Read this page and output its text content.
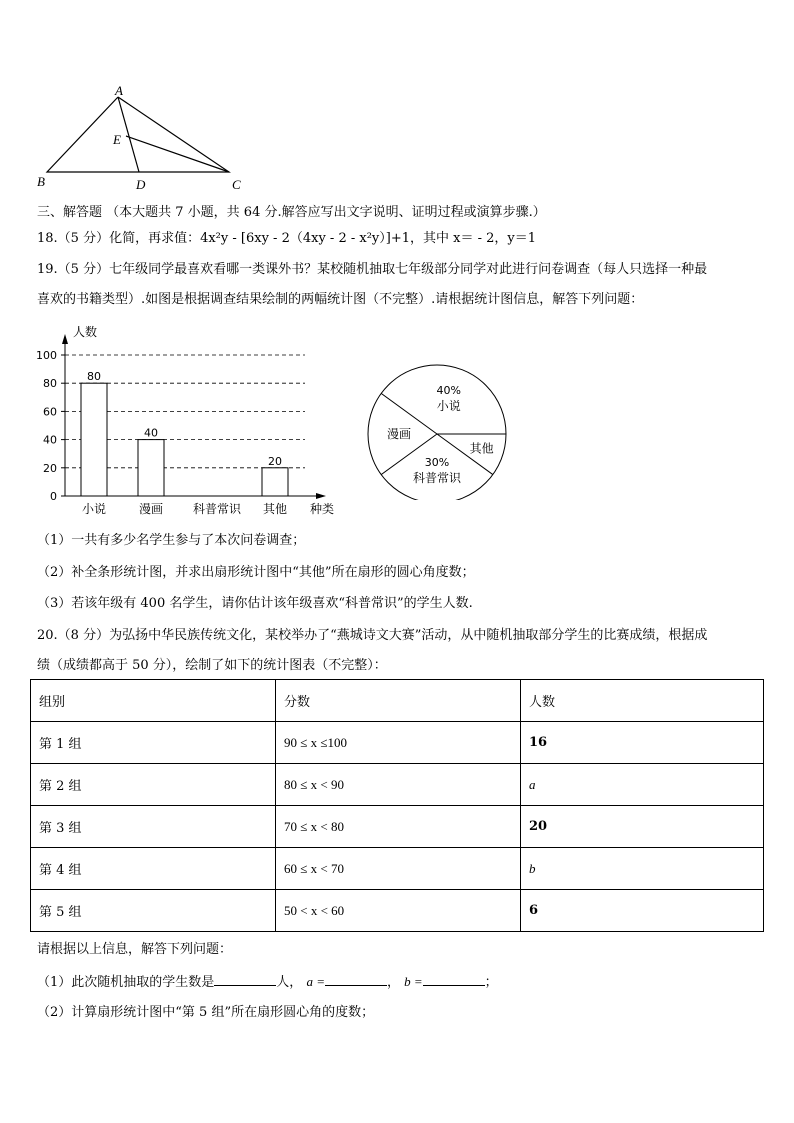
A
B	C
D
E
三、解答题 （本大题共 7 小题，共 64 分.解答应写出文字说明、证明过程或演算步骤.）
18.（5 分）化简，再求值：4x²y - [6xy - 2（4xy - 2 - x²y）]+1，其中 x＝ - 2，y＝1
19.（5 分）七年级同学最喜欢看哪一类课外书？某校随机抽取七年级部分同学对此进行问卷调查（每人只选择一种最
喜欢的书籍类型）.如图是根据调查结果绘制的两幅统计图（不完整）.请根据统计图信息，解答下列问题：
0
20
40
60
80
100
人数
种类
小说
80
漫画
40
科普常识 其他
20
40%
小说
漫画
30%
科普常识
其他
（1）一共有多少名学生参与了本次问卷调查；
（2）补全条形统计图，并求出扇形统计图中“其他”所在扇形的圆心角度数；
（3）若该年级有 400 名学生，请你估计该年级喜欢“科普常识”的学生人数.
20.（8 分）为弘扬中华民族传统文化，某校举办了“燕城诗文大赛”活动，从中随机抽取部分学生的比赛成绩，根据成
绩（成绩都高于 50 分），绘制了如下的统计图表（不完整）：
组别	分数	人数
第 1 组	90 ≤ x ≤100	16
第 2 组	80 ≤ x < 90	a
第 3 组	70 ≤ x < 80	20
第 4 组	60 ≤ x < 70	b
第 5 组	50 < x < 60	6
请根据以上信息，解答下列问题：
（1）此次随机抽取的学生数是	人， a =	， b =	；
（2）计算扇形统计图中“第 5 组”所在扇形圆心角的度数；
